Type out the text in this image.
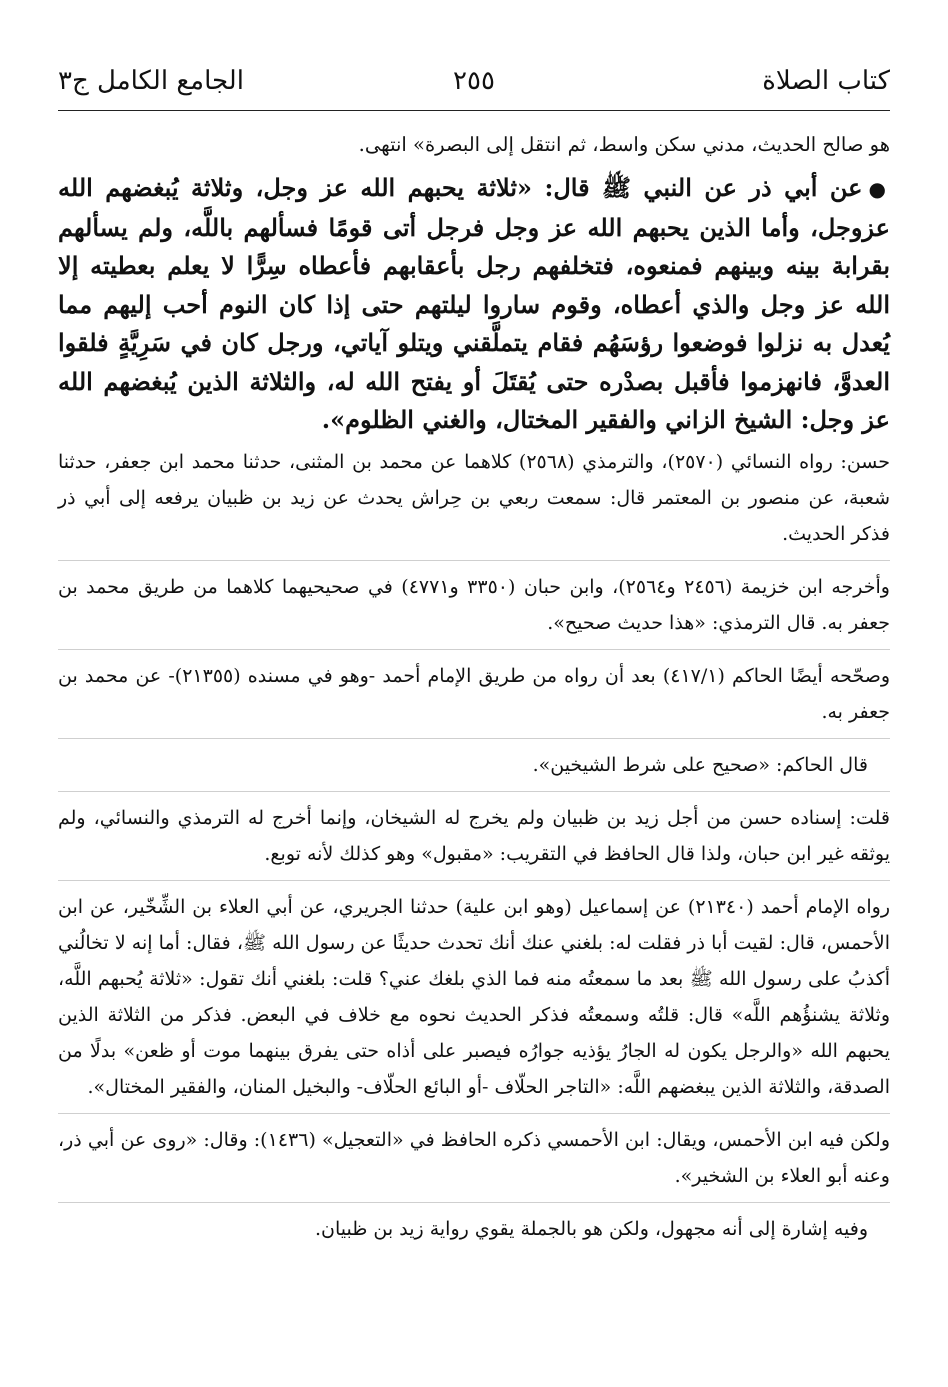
كتاب الصلاة
٢٥٥
الجامع الكامل ج٣

هو صالح الحديث، مدني سكن واسط، ثم انتقل إلى البصرة» انتهى.

●عن أبي ذر عن النبي ﷺ قال: «ثلاثة يحبهم الله عز وجل، وثلاثة يُبغضهم الله عزوجل، وأما الذين يحبهم الله عز وجل فرجل أتى قومًا فسألهم باللَّه، ولم يسألهم بقرابة بينه وبينهم فمنعوه، فتخلفهم رجل بأعقابهم فأعطاه سِرًّا لا يعلم بعطيته إلا الله عز وجل والذي أعطاه، وقوم ساروا ليلتهم حتى إذا كان النوم أحب إليهم مما يُعدل به نزلوا فوضعوا رؤسَهُم فقام يتملَّقني ويتلو آياتي، ورجل كان في سَرِيَّةٍ فلقوا العدوَّ، فانهزموا فأقبل بصدْره حتى يُقتَلَ أو يفتح الله له، والثلاثة الذين يُبغضهم الله عز وجل: الشيخ الزاني والفقير المختال، والغني الظلوم».

حسن: رواه النسائي (٢٥٧٠)، والترمذي (٢٥٦٨) كلاهما عن محمد بن المثنى، حدثنا محمد ابن جعفر، حدثنا شعبة، عن منصور بن المعتمر قال: سمعت ربعي بن حِراش يحدث عن زيد بن ظبيان يرفعه إلى أبي ذر فذكر الحديث.

وأخرجه ابن خزيمة (٢٤٥٦ و٢٥٦٤)، وابن حبان (٣٣٥٠ و٤٧٧١) في صحيحيهما كلاهما من طريق محمد بن جعفر به. قال الترمذي: «هذا حديث صحيح».

وصحّحه أيضًا الحاكم (٤١٧/١) بعد أن رواه من طريق الإمام أحمد -وهو في مسنده (٢١٣٥٥)- عن محمد بن جعفر به.

قال الحاكم: «صحيح على شرط الشيخين».

قلت: إسناده حسن من أجل زيد بن ظبيان ولم يخرج له الشيخان، وإنما أخرج له الترمذي والنسائي، ولم يوثقه غير ابن حبان، ولذا قال الحافظ في التقريب: «مقبول» وهو كذلك لأنه توبع.

رواه الإمام أحمد (٢١٣٤٠) عن إسماعيل (وهو ابن علية) حدثنا الجريري، عن أبي العلاء بن الشِّخّير، عن ابن الأحمس، قال: لقيت أبا ذر فقلت له: بلغني عنك أنك تحدث حديثًا عن رسول الله ﷺ، فقال: أما إنه لا تخالُني أكذبُ على رسول الله ﷺ بعد ما سمعتُه منه فما الذي بلغك عني؟ قلت: بلغني أنك تقول: «ثلاثة يُحبهم اللَّه، وثلاثة يشنؤُهم اللَّه» قال: قلتُه وسمعتُه فذكر الحديث نحوه مع خلاف في البعض. فذكر من الثلاثة الذين يحبهم الله «والرجل يكون له الجارُ يؤذيه جوارُه فيصبر على أذاه حتى يفرق بينهما موت أو ظعن» بدلًا من الصدقة، والثلاثة الذين يبغضهم اللَّه: «التاجر الحلّاف -أو البائع الحلّاف- والبخيل المنان، والفقير المختال».

ولكن فيه ابن الأحمس، ويقال: ابن الأحمسي ذكره الحافظ في «التعجيل» (١٤٣٦): وقال: «روى عن أبي ذر، وعنه أبو العلاء بن الشخير».

وفيه إشارة إلى أنه مجهول، ولكن هو بالجملة يقوي رواية زيد بن ظبيان.
